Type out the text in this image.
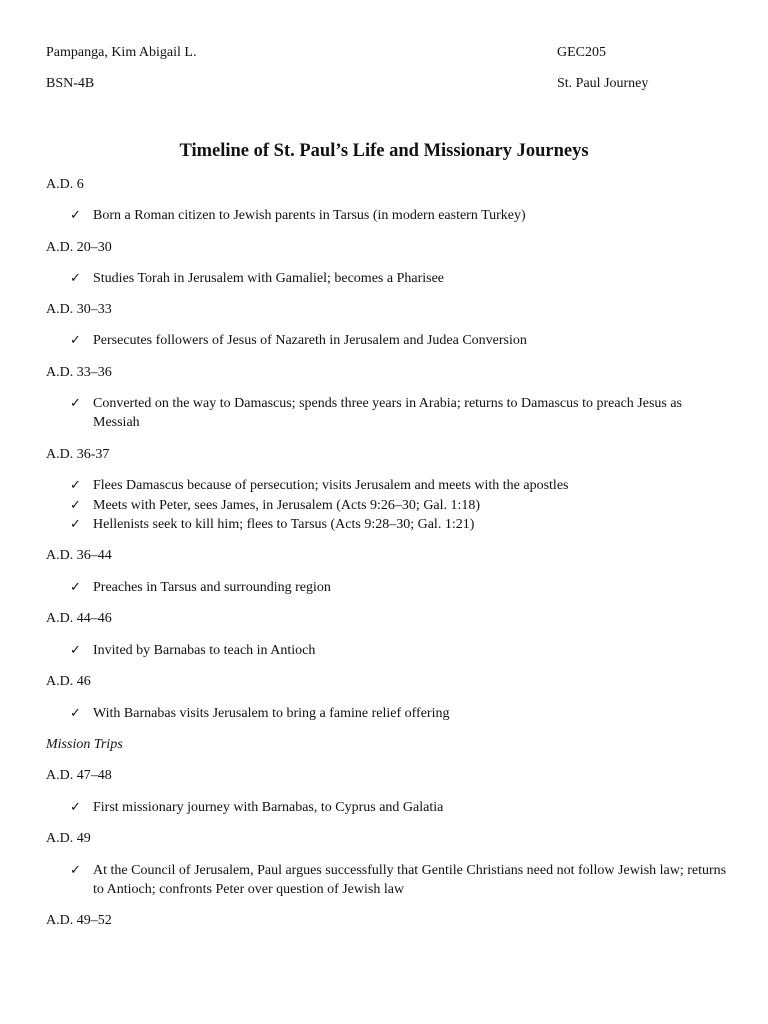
Pampanga, Kim Abigail L.	GEC205
BSN-4B	St. Paul Journey
Timeline of St. Paul’s Life and Missionary Journeys
A.D. 6
✓ Born a Roman citizen to Jewish parents in Tarsus (in modern eastern Turkey)
A.D. 20–30
✓ Studies Torah in Jerusalem with Gamaliel; becomes a Pharisee
A.D. 30–33
✓ Persecutes followers of Jesus of Nazareth in Jerusalem and Judea Conversion
A.D. 33–36
✓ Converted on the way to Damascus; spends three years in Arabia; returns to Damascus to preach Jesus as Messiah
A.D. 36-37
✓ Flees Damascus because of persecution; visits Jerusalem and meets with the apostles
✓ Meets with Peter, sees James, in Jerusalem (Acts 9:26–30; Gal. 1:18)
✓ Hellenists seek to kill him; flees to Tarsus (Acts 9:28–30; Gal. 1:21)
A.D. 36–44
✓ Preaches in Tarsus and surrounding region
A.D. 44–46
✓ Invited by Barnabas to teach in Antioch
A.D. 46
✓ With Barnabas visits Jerusalem to bring a famine relief offering
Mission Trips
A.D. 47–48
✓ First missionary journey with Barnabas, to Cyprus and Galatia
A.D. 49
✓ At the Council of Jerusalem, Paul argues successfully that Gentile Christians need not follow Jewish law; returns to Antioch; confronts Peter over question of Jewish law
A.D. 49–52
